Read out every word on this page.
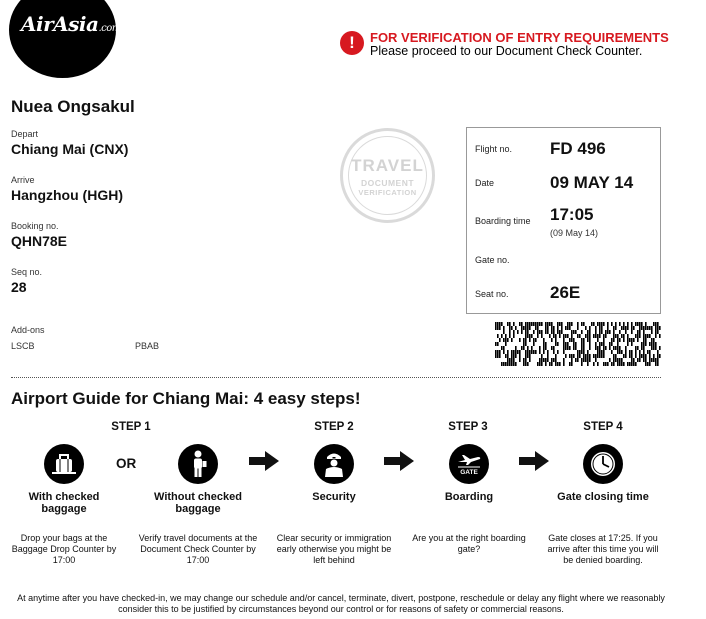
AirAsia.com
!	FOR VERIFICATION OF ENTRY REQUIREMENTS
Please proceed to our Document Check Counter.
Nuea Ongsakul
Depart
Chiang Mai (CNX)
Arrive
Hangzhou (HGH)
Booking no.
QHN78E
Seq no.
28
Add-ons
LSCB	PBAB
TRAVEL
DOCUMENT
VERIFICATION
Flight no. FD 496
Date	09 MAY 14
Boarding time 17:05
(09 May 14)
Gate no.
Seat no. 26E
Airport Guide for Chiang Mai: 4 easy steps!
STEP 1	STEP 2	STEP 3	STEP 4
OR
GATE
With checked baggage
Without checked baggage
Security	Boarding	Gate closing time
Drop your bags at the Baggage Drop Counter by 17:00
Verify travel documents at the Document Check Counter by 17:00
Clear security or immigration early otherwise you might be left behind
Are you at the right boarding gate?
Gate closes at 17:25. If you arrive after this time you will be denied boarding.
At anytime after you have checked-in, we may change our schedule and/or cancel, terminate, divert, postpone, reschedule or delay any flight where we reasonably consider this to be justified by circumstances beyond our control or for reasons of safety or commercial reasons.
